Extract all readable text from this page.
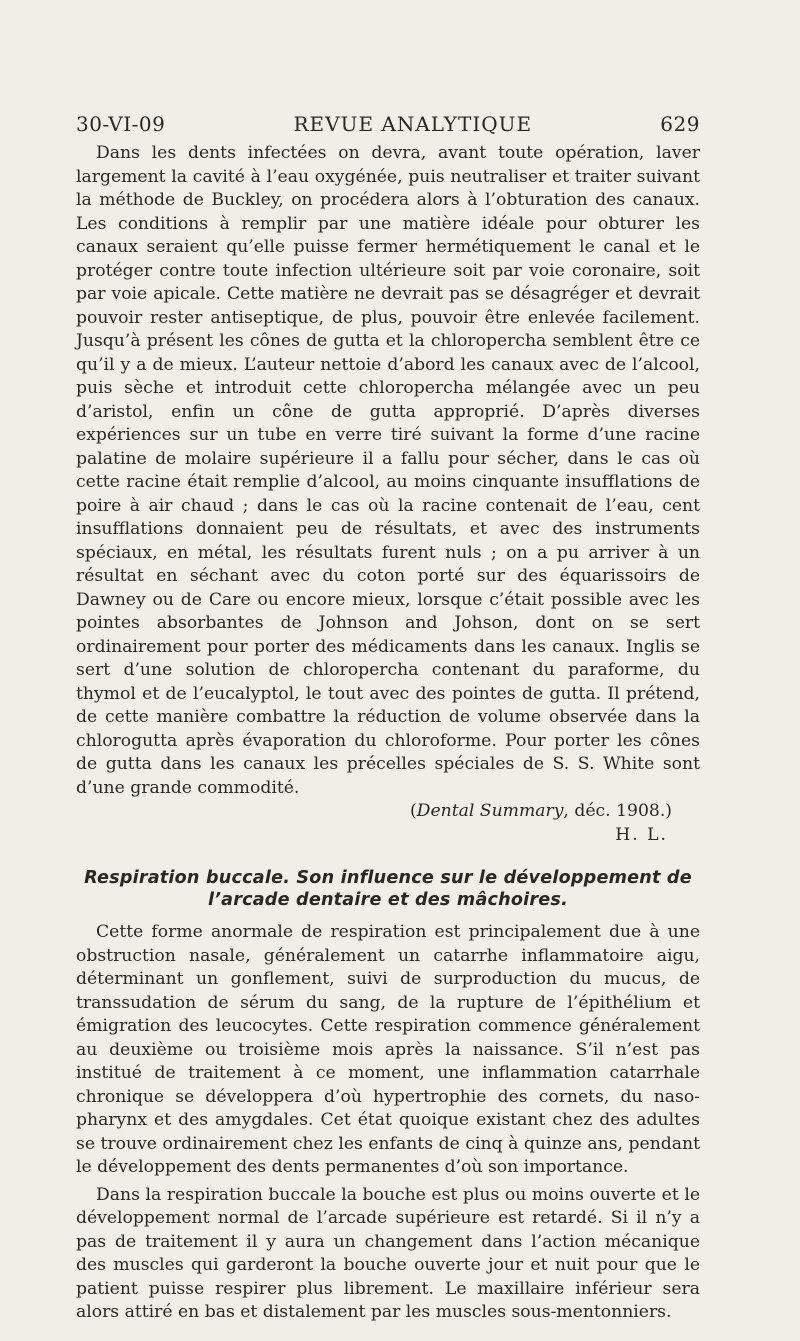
30-VI-09	REVUE ANALYTIQUE	629

Dans les dents infectées on devra, avant toute opération, laver largement la cavité à l’eau oxygénée, puis neutraliser et traiter suivant la méthode de Buckley, on procédera alors à l’obturation des canaux. Les conditions à remplir par une matière idéale pour obturer les canaux seraient qu’elle puisse fermer hermétiquement le canal et le protéger contre toute infection ultérieure soit par voie coronaire, soit par voie apicale. Cette matière ne devrait pas se désagréger et devrait pouvoir rester antiseptique, de plus, pouvoir être enlevée facilement. Jusqu’à présent les cônes de gutta et la chloropercha semblent être ce qu’il y a de mieux. L’auteur nettoie d’abord les canaux avec de l’alcool, puis sèche et introduit cette chloropercha mélangée avec un peu d’aristol, enfin un cône de gutta approprié. D’après diverses expériences sur un tube en verre tiré suivant la forme d’une racine palatine de molaire supérieure il a fallu pour sécher, dans le cas où cette racine était remplie d’alcool, au moins cinquante insufflations de poire à air chaud ; dans le cas où la racine contenait de l’eau, cent insufflations donnaient peu de résultats, et avec des instruments spéciaux, en métal, les résultats furent nuls ; on a pu arriver à un résultat en séchant avec du coton porté sur des équarissoirs de Dawney ou de Care ou encore mieux, lorsque c’était possible avec les pointes absorbantes de Johnson and Johson, dont on se sert ordinairement pour porter des médicaments dans les canaux. Inglis se sert d’une solution de chloropercha contenant du paraforme, du thymol et de l’eucalyptol, le tout avec des pointes de gutta. Il prétend, de cette manière combattre la réduction de volume observée dans la chlorogutta après évaporation du chloroforme. Pour porter les cônes de gutta dans les canaux les précelles spéciales de S. S. White sont d’une grande commodité.

(Dental Summary, déc. 1908.)

H. L.

Respiration buccale. Son influence sur le développement de
l’arcade dentaire et des mâchoires.

Cette forme anormale de respiration est principalement due à une obstruction nasale, généralement un catarrhe inflammatoire aigu, déterminant un gonflement, suivi de surproduction du mucus, de transsudation de sérum du sang, de la rupture de l’épithélium et émigration des leucocytes. Cette respiration commence généralement au deuxième ou troisième mois après la naissance. S’il n’est pas institué de traitement à ce moment, une inflammation catarrhale chronique se développera d’où hypertrophie des cornets, du naso-pharynx et des amygdales. Cet état quoique existant chez des adultes se trouve ordinairement chez les enfants de cinq à quinze ans, pendant le développement des dents permanentes d’où son importance.

Dans la respiration buccale la bouche est plus ou moins ouverte et le développement normal de l’arcade supérieure est retardé. Si il n’y a pas de traitement il y aura un changement dans l’action mécanique des muscles qui garderont la bouche ouverte jour et nuit pour que le patient puisse respirer plus librement. Le maxillaire inférieur sera alors attiré en bas et distalement par les muscles sous-mentonniers.
